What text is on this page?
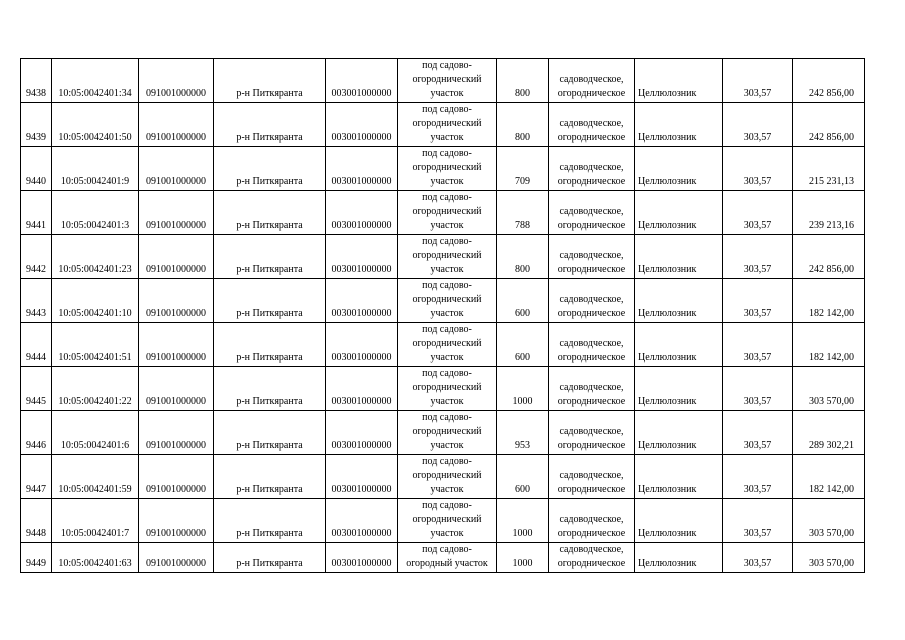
9438	10:05:0042401:34	091001000000	р-н Питкяранта	003001000000	под садово-огороднический участок	800	садоводческое, огородническое	Целлюлозник	303,57	242 856,00
9439	10:05:0042401:50	091001000000	р-н Питкяранта	003001000000	под садово-огороднический участок	800	садоводческое, огородническое	Целлюлозник	303,57	242 856,00
9440	10:05:0042401:9	091001000000	р-н Питкяранта	003001000000	под садово-огороднический участок	709	садоводческое, огородническое	Целлюлозник	303,57	215 231,13
9441	10:05:0042401:3	091001000000	р-н Питкяранта	003001000000	под садово-огороднический участок	788	садоводческое, огородническое	Целлюлозник	303,57	239 213,16
9442	10:05:0042401:23	091001000000	р-н Питкяранта	003001000000	под садово-огороднический участок	800	садоводческое, огородническое	Целлюлозник	303,57	242 856,00
9443	10:05:0042401:10	091001000000	р-н Питкяранта	003001000000	под садово-огороднический участок	600	садоводческое, огородническое	Целлюлозник	303,57	182 142,00
9444	10:05:0042401:51	091001000000	р-н Питкяранта	003001000000	под садово-огороднический участок	600	садоводческое, огородническое	Целлюлозник	303,57	182 142,00
9445	10:05:0042401:22	091001000000	р-н Питкяранта	003001000000	под садово-огороднический участок	1000	садоводческое, огородническое	Целлюлозник	303,57	303 570,00
9446	10:05:0042401:6	091001000000	р-н Питкяранта	003001000000	под садово-огороднический участок	953	садоводческое, огородническое	Целлюлозник	303,57	289 302,21
9447	10:05:0042401:59	091001000000	р-н Питкяранта	003001000000	под садово-огороднический участок	600	садоводческое, огородническое	Целлюлозник	303,57	182 142,00
9448	10:05:0042401:7	091001000000	р-н Питкяранта	003001000000	под садово-огороднический участок	1000	садоводческое, огородническое	Целлюлозник	303,57	303 570,00
9449	10:05:0042401:63	091001000000	р-н Питкяранта	003001000000	под садово-огородный участок	1000	садоводческое, огородническое	Целлюлозник	303,57	303 570,00
